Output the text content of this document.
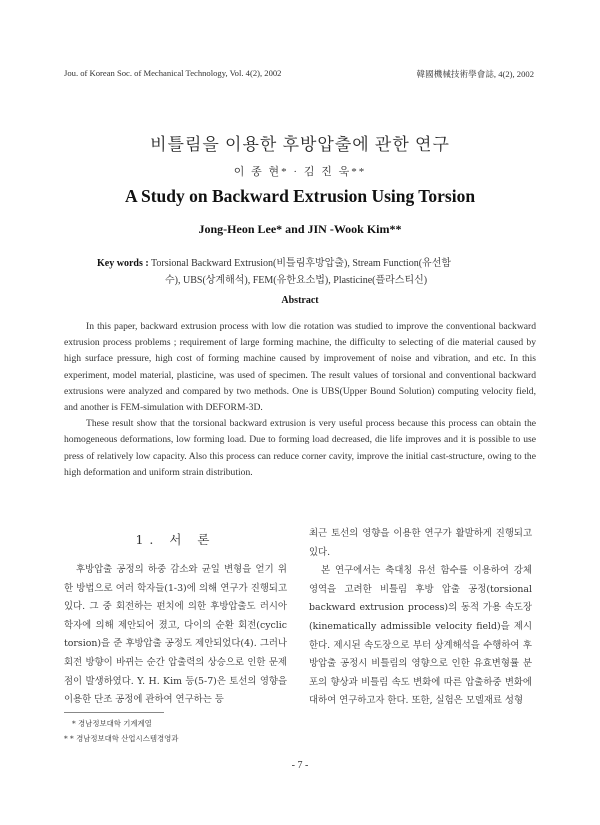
Jou. of Korean Soc. of Mechanical Technology, Vol. 4(2), 2002	韓國機械技術學會誌, 4(2), 2002
비틀림을 이용한 후방압출에 관한 연구
이 종 현* · 김 진 욱**
A Study on Backward Extrusion Using Torsion
Jong-Heon Lee* and JIN -Wook Kim**
Key words : Torsional Backward Extrusion(비틀림후방압출), Stream Function(유선함
수), UBS(상계해석), FEM(유한요소법), Plasticine(플라스티신)
Abstract

In this paper, backward extrusion process with low die rotation was studied to improve the conventional backward extrusion process problems ; requirement of large forming machine, the difficulty to selecting of die material caused by high surface pressure, high cost of forming machine caused by improvement of noise and vibration, and etc. In this experiment, model material, plasticine, was used of specimen. The result values of torsional and conventional backward extrusions were analyzed and compared by two methods. One is UBS(Upper Bound Solution) computing velocity field, and another is FEM-simulation with DEFORM-3D.

These result show that the torsional backward extrusion is very useful process because this process can obtain the homogeneous deformations, low forming load. Due to forming load decreased, die life improves and it is possible to use press of relatively low capacity. Also this process can reduce corner cavity, improve the initial cast-structure, owing to the high deformation and uniform strain distribution.

1. 서 론

후방압출 공정의 하중 감소와 균일 변형을 얻기 위한 방법으로 여러 학자들(1-3)에 의해 연구가 진행되고 있다. 그 중 회전하는 펀치에 의한 후방압출도 러시아 학자에 의해 제안되어 졌고, 다이의 순환 회전(cyclic torsion)을 준 후방압출 공정도 제안되었다(4). 그러나 회전 방향이 바뀌는 순간 압출력의 상승으로 인한 문제점이 발생하였다. Y. H. Kim 등(5-7)은 토선의 영향을 이용한 단조 공정에 관하여 연구하는 등

최근 토선의 영향을 이용한 연구가 활발하게 진행되고 있다.

본 연구에서는 축대칭 유선 함수를 이용하여 강체 영역을 고려한 비틀림 후방 압출 공정(torsional backward extrusion process)의 동적 가용 속도장(kinematically admissible velocity field)을 제시한다. 제시된 속도장으로 부터 상계해석을 수행하여 후방압출 공정시 비틀림의 영향으로 인한 유효변형률 분포의 향상과 비틀림 속도 변화에 따른 압출하중 변화에 대하여 연구하고자 한다. 또한, 실험은 모델재료 성형

* 경남정보대학 기계계열
* * 경남정보대학 산업시스템경영과
- 7 -
